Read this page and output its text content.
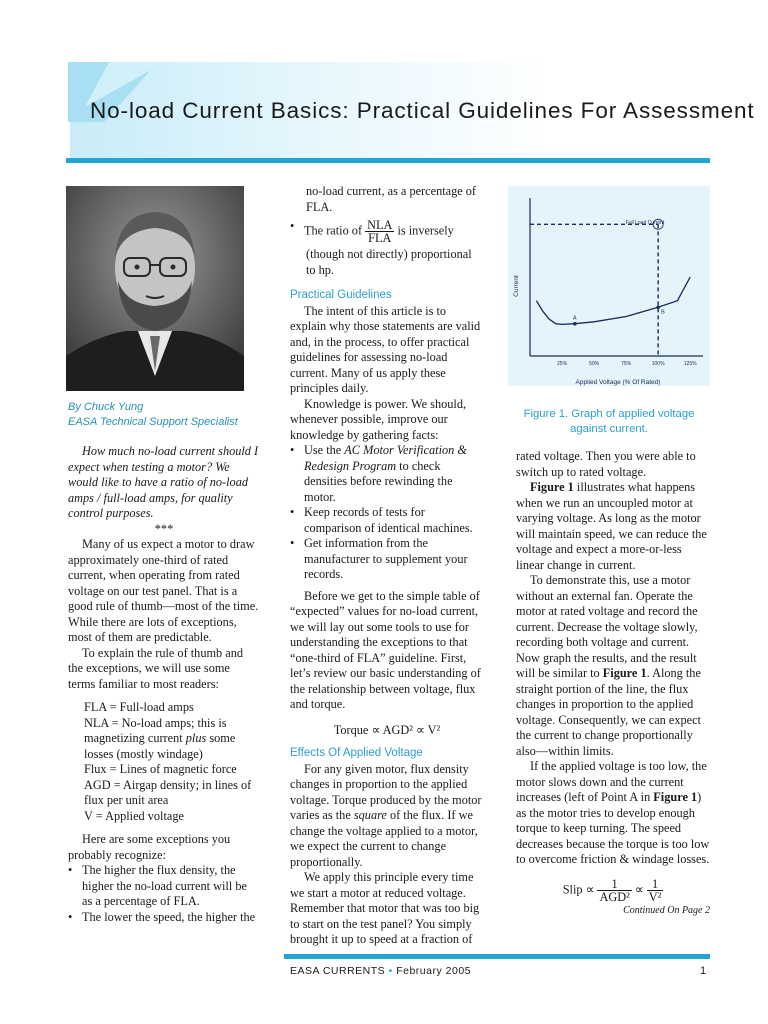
No-load Current Basics: Practical Guidelines For Assessment

By Chuck Yung

EASA Technical Support Specialist

How much no-load current should I expect when testing a motor? We would like to have a ratio of no-load amps / full-load amps, for quality control purposes.

***

Many of us expect a motor to draw approximately one-third of rated current, when operating from rated voltage on our test panel. That is a good rule of thumb—most of the time. While there are lots of exceptions, most of them are predictable.

To explain the rule of thumb and the exceptions, we will use some terms familiar to most readers:

FLA = Full-load amps

NLA = No-load amps; this is magnetizing current plus some losses (mostly windage)

Flux = Lines of magnetic force

AGD = Airgap density; in lines of flux per unit area

V = Applied voltage

Here are some exceptions you probably recognize:

• The higher the flux density, the higher the no-load current will be as a percentage of FLA.
• The lower the speed, the higher the

no-load current, as a percentage of FLA.

• The ratio of $\frac{\text{NLA}}{\text{FLA}}$ is inversely

(though not directly) proportional to hp.

Practical Guidelines

The intent of this article is to explain why those statements are valid and, in the process, to offer practical guidelines for assessing no-load current. Many of us apply these principles daily.

Knowledge is power. We should, whenever possible, improve our knowledge by gathering facts:

• Use the AC Motor Verification & Redesign Program to check densities before rewinding the motor.
• Keep records of tests for comparison of identical machines.
• Get information from the manufacturer to supplement your records.

Before we get to the simple table of “expected” values for no-load current, we will lay out some tools to use for understanding the exceptions to that “one-third of FLA” guideline. First, let’s review our basic understanding of the relationship between voltage, flux and torque.

Torque ∝ AGD² ∝ V²

Effects Of Applied Voltage

For any given motor, flux density changes in proportion to the applied voltage. Torque produced by the motor varies as the square of the flux. If we change the voltage applied to a motor, we expect the current to change proportionally.

We apply this principle every time we start a motor at reduced voltage. Remember that motor that was too big to start on the test panel? You simply brought it up to speed at a fraction of

Current
Applied Voltage (% Of Rated)
Full Load Current
25%	50%	75%	100%	125%
A
B
Figure 1. Graph of applied voltage against current.

rated voltage. Then you were able to switch up to rated voltage.

Figure 1 illustrates what happens when we run an uncoupled motor at varying voltage. As long as the motor will maintain speed, we can reduce the voltage and expect a more-or-less linear change in current.

To demonstrate this, use a motor without an external fan. Operate the motor at rated voltage and record the current. Decrease the voltage slowly, recording both voltage and current. Now graph the results, and the result will be similar to Figure 1. Along the straight portion of the line, the flux changes in proportion to the applied voltage. Consequently, we can expect the current to change proportionally also—within limits.

If the applied voltage is too low, the motor slows down and the current increases (left of Point A in Figure 1) as the motor tries to develop enough torque to keep turning. The speed decreases because the torque is too low to overcome friction & windage losses.

Slip ∝ $\frac{1}{\text{AGD²}} \propto \frac{1}{\text{V²}}$

Continued On Page 2

EASA CURRENTS • February 2005	1
